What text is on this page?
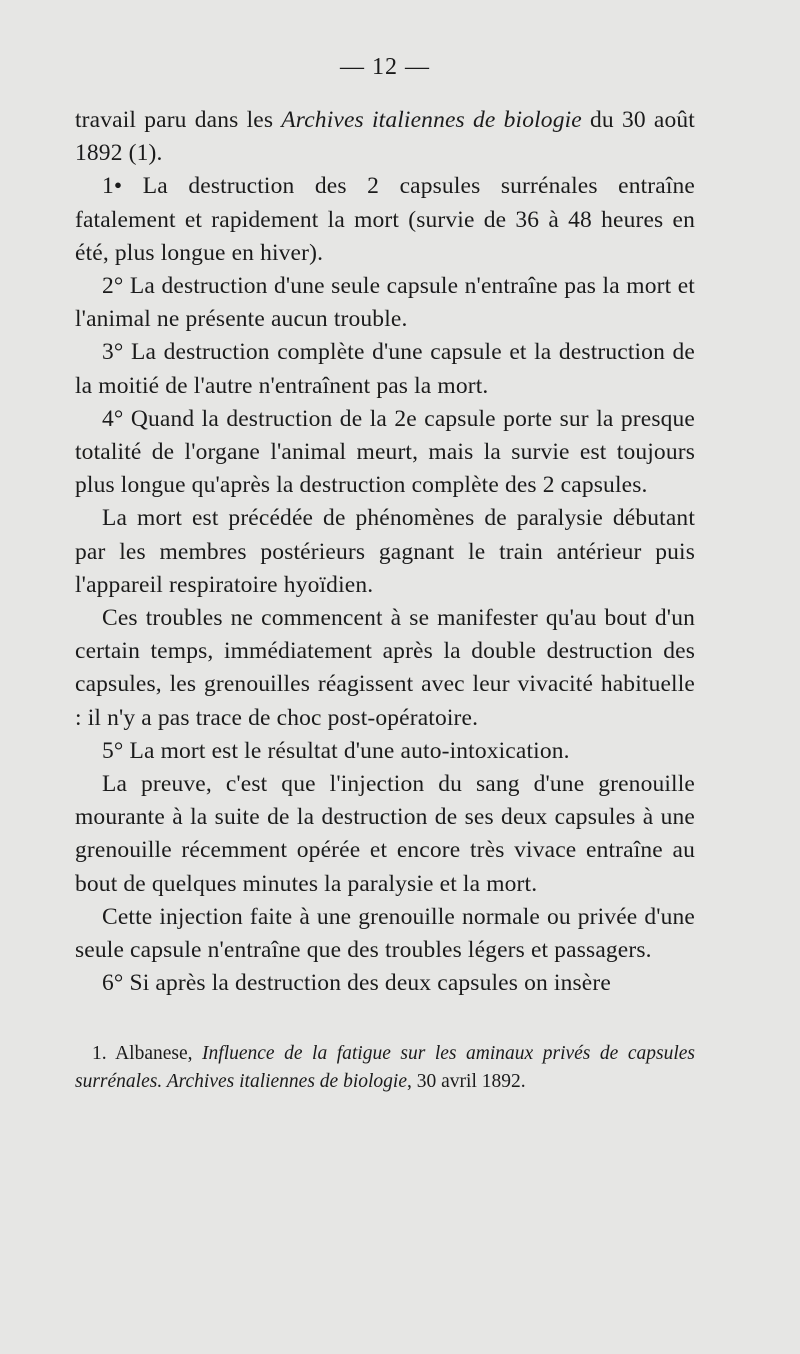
— 12 —

travail paru dans les Archives italiennes de biologie du 30 août 1892 (1).

1• La destruction des 2 capsules surrénales entraîne fatalement et rapidement la mort (survie de 36 à 48 heures en été, plus longue en hiver).

2° La destruction d'une seule capsule n'entraîne pas la mort et l'animal ne présente aucun trouble.

3° La destruction complète d'une capsule et la destruction de la moitié de l'autre n'entraînent pas la mort.

4° Quand la destruction de la 2e capsule porte sur la presque totalité de l'organe l'animal meurt, mais la survie est toujours plus longue qu'après la destruction complète des 2 capsules.

La mort est précédée de phénomènes de paralysie débutant par les membres postérieurs gagnant le train antérieur puis l'appareil respiratoire hyoïdien.

Ces troubles ne commencent à se manifester qu'au bout d'un certain temps, immédiatement après la double destruction des capsules, les grenouilles réagissent avec leur vivacité habituelle : il n'y a pas trace de choc post-opératoire.

5° La mort est le résultat d'une auto-intoxication.

La preuve, c'est que l'injection du sang d'une grenouille mourante à la suite de la destruction de ses deux capsules à une grenouille récemment opérée et encore très vivace entraîne au bout de quelques minutes la paralysie et la mort.

Cette injection faite à une grenouille normale ou privée d'une seule capsule n'entraîne que des troubles légers et passagers.

6° Si après la destruction des deux capsules on insère

1. Albanese, Influence de la fatigue sur les aminaux privés de capsules surrénales. Archives italiennes de biologie, 30 avril 1892.
